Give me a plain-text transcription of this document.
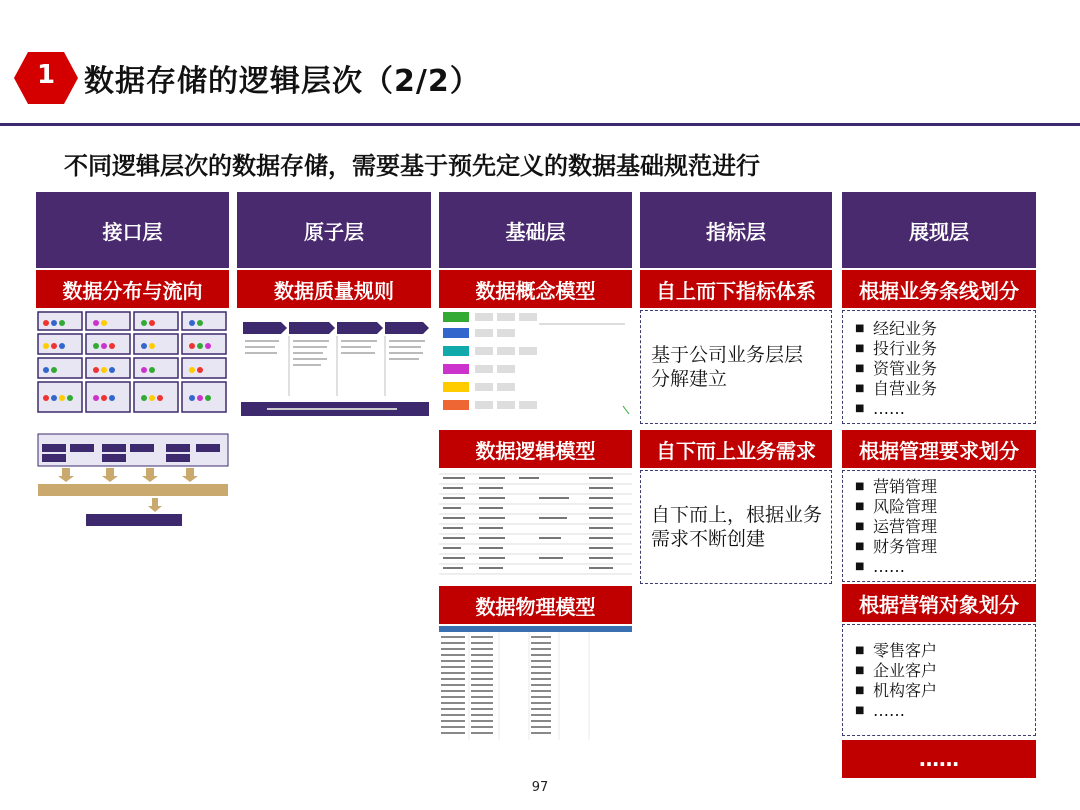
1 数据存储的逻辑层次（2/2）
不同逻辑层次的数据存储，需要基于预先定义的数据基础规范进行
接口层	原子层	基础层	指标层	展现层
数据分布与流向	数据质量规则	数据概念模型
数据逻辑模型
数据物理模型
自上而下指标体系
基于公司业务层层分解建立
自下而上业务需求
自下而上，根据业务需求不断创建
根据业务条线划分
■ 经纪业务
■ 投行业务
■ 资管业务
■ 自营业务
■ ……
根据管理要求划分
■ 营销管理
■ 风险管理
■ 运营管理
■ 财务管理
■ ……
根据营销对象划分
■ 零售客户
■ 企业客户
■ 机构客户
■ ……
……
97
